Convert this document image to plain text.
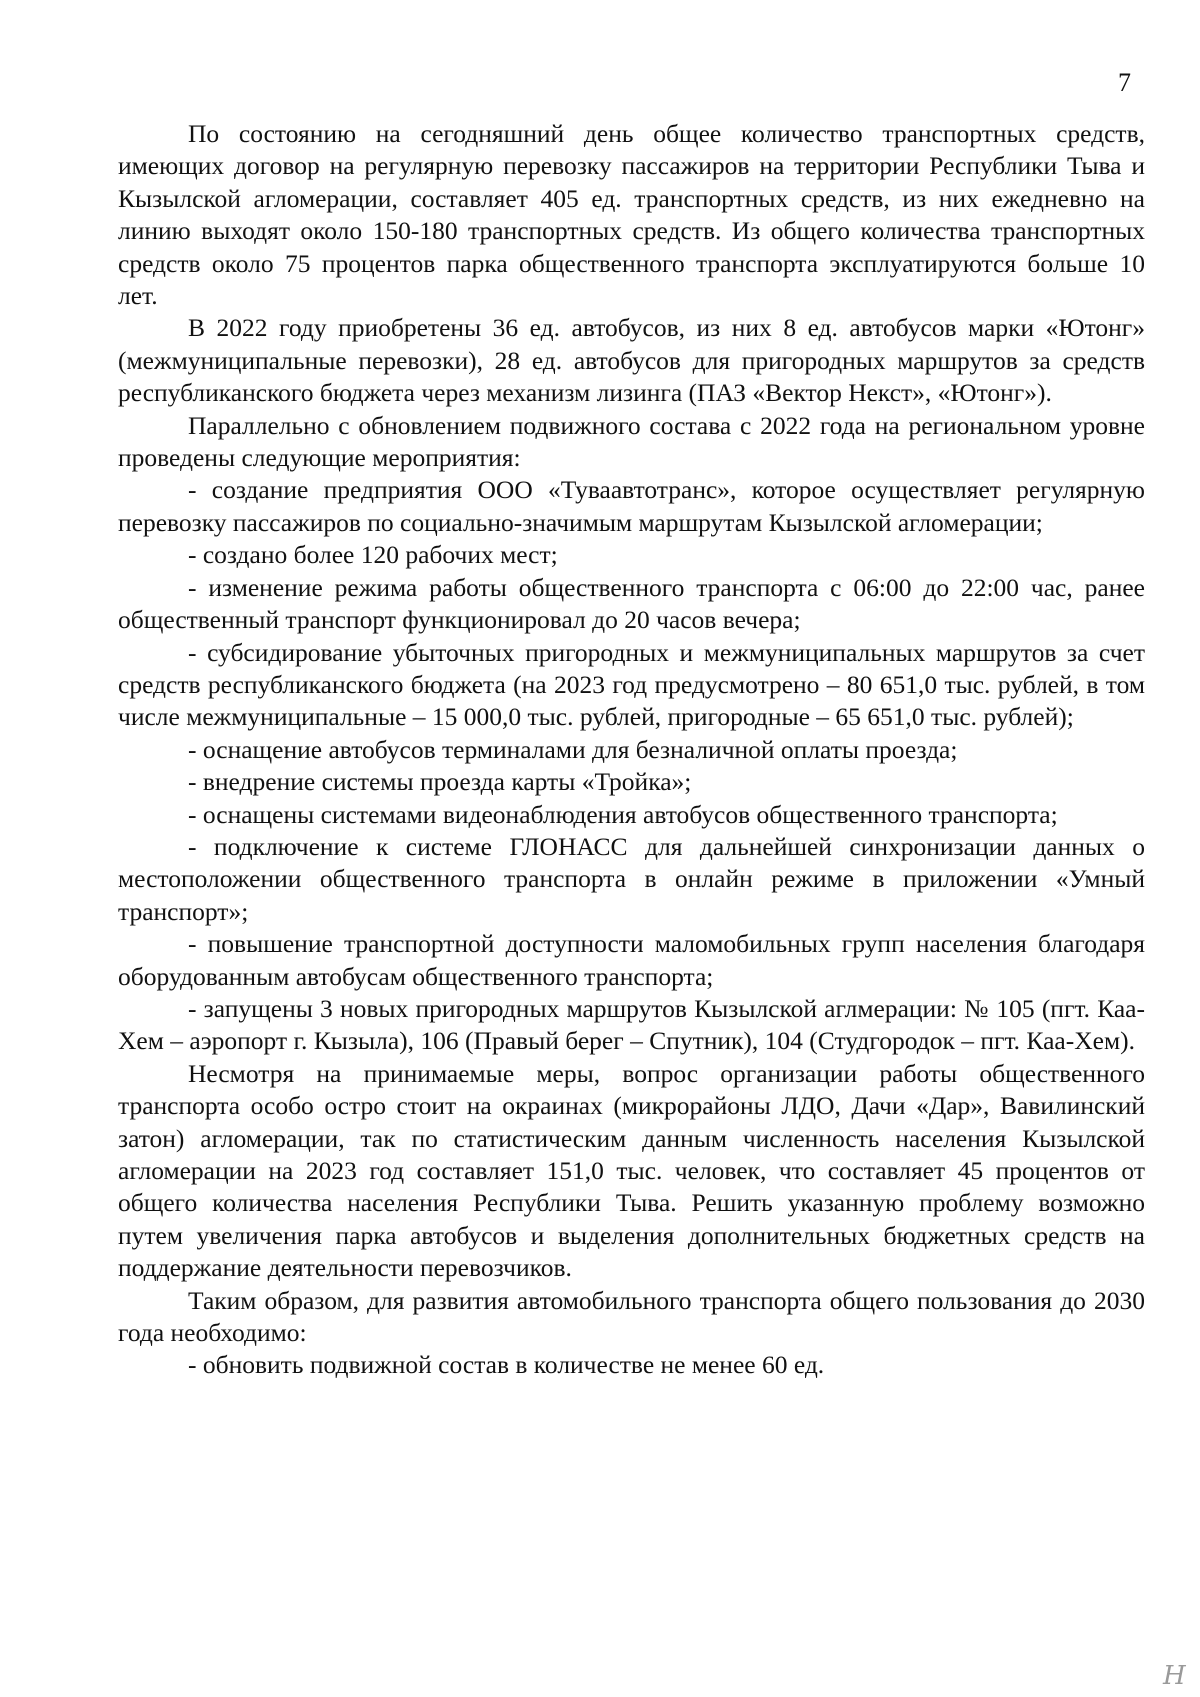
7

По состоянию на сегодняшний день общее количество транспортных средств, имеющих договор на регулярную перевозку пассажиров на территории Республики Тыва и Кызылской агломерации, составляет 405 ед. транспортных средств, из них ежедневно на линию выходят около 150-180 транспортных средств. Из общего количества транспортных средств около 75 процентов парка общественного транспорта эксплуатируются больше 10 лет.

В 2022 году приобретены 36 ед. автобусов, из них 8 ед. автобусов марки «Ютонг» (межмуниципальные перевозки), 28 ед. автобусов для пригородных маршрутов за средств республиканского бюджета через механизм лизинга (ПАЗ «Вектор Некст», «Ютонг»).

Параллельно с обновлением подвижного состава с 2022 года на региональном уровне проведены следующие мероприятия:

- создание предприятия ООО «Туваавтотранс», которое осуществляет регулярную перевозку пассажиров по социально-значимым маршрутам Кызылской агломерации;

- создано более 120 рабочих мест;

- изменение режима работы общественного транспорта с 06:00 до 22:00 час, ранее общественный транспорт функционировал до 20 часов вечера;

- субсидирование убыточных пригородных и межмуниципальных маршрутов за счет средств республиканского бюджета (на 2023 год предусмотрено – 80 651,0 тыс. рублей, в том числе межмуниципальные – 15 000,0 тыс. рублей, пригородные – 65 651,0 тыс. рублей);

- оснащение автобусов терминалами для безналичной оплаты проезда;

- внедрение системы проезда карты «Тройка»;

- оснащены системами видеонаблюдения автобусов общественного транспорта;

- подключение к системе ГЛОНАСС для дальнейшей синхронизации данных о местоположении общественного транспорта в онлайн режиме в приложении «Умный транспорт»;

- повышение транспортной доступности маломобильных групп населения благодаря оборудованным автобусам общественного транспорта;

- запущены 3 новых пригородных маршрутов Кызылской аглмерации: № 105 (пгт. Каа-Хем – аэропорт г. Кызыла), 106 (Правый берег – Спутник), 104 (Студгородок – пгт. Каа-Хем).

Несмотря на принимаемые меры, вопрос организации работы общественного транспорта особо остро стоит на окраинах (микрорайоны ЛДО, Дачи «Дар», Вавилинский затон) агломерации, так по статистическим данным численность населения Кызылской агломерации на 2023 год составляет 151,0 тыс. человек, что составляет 45 процентов от общего количества населения Республики Тыва. Решить указанную проблему возможно путем увеличения парка автобусов и выделения дополнительных бюджетных средств на поддержание деятельности перевозчиков.

Таким образом, для развития автомобильного транспорта общего пользования до 2030 года необходимо:

- обновить подвижной состав в количестве не менее 60 ед.

Н
